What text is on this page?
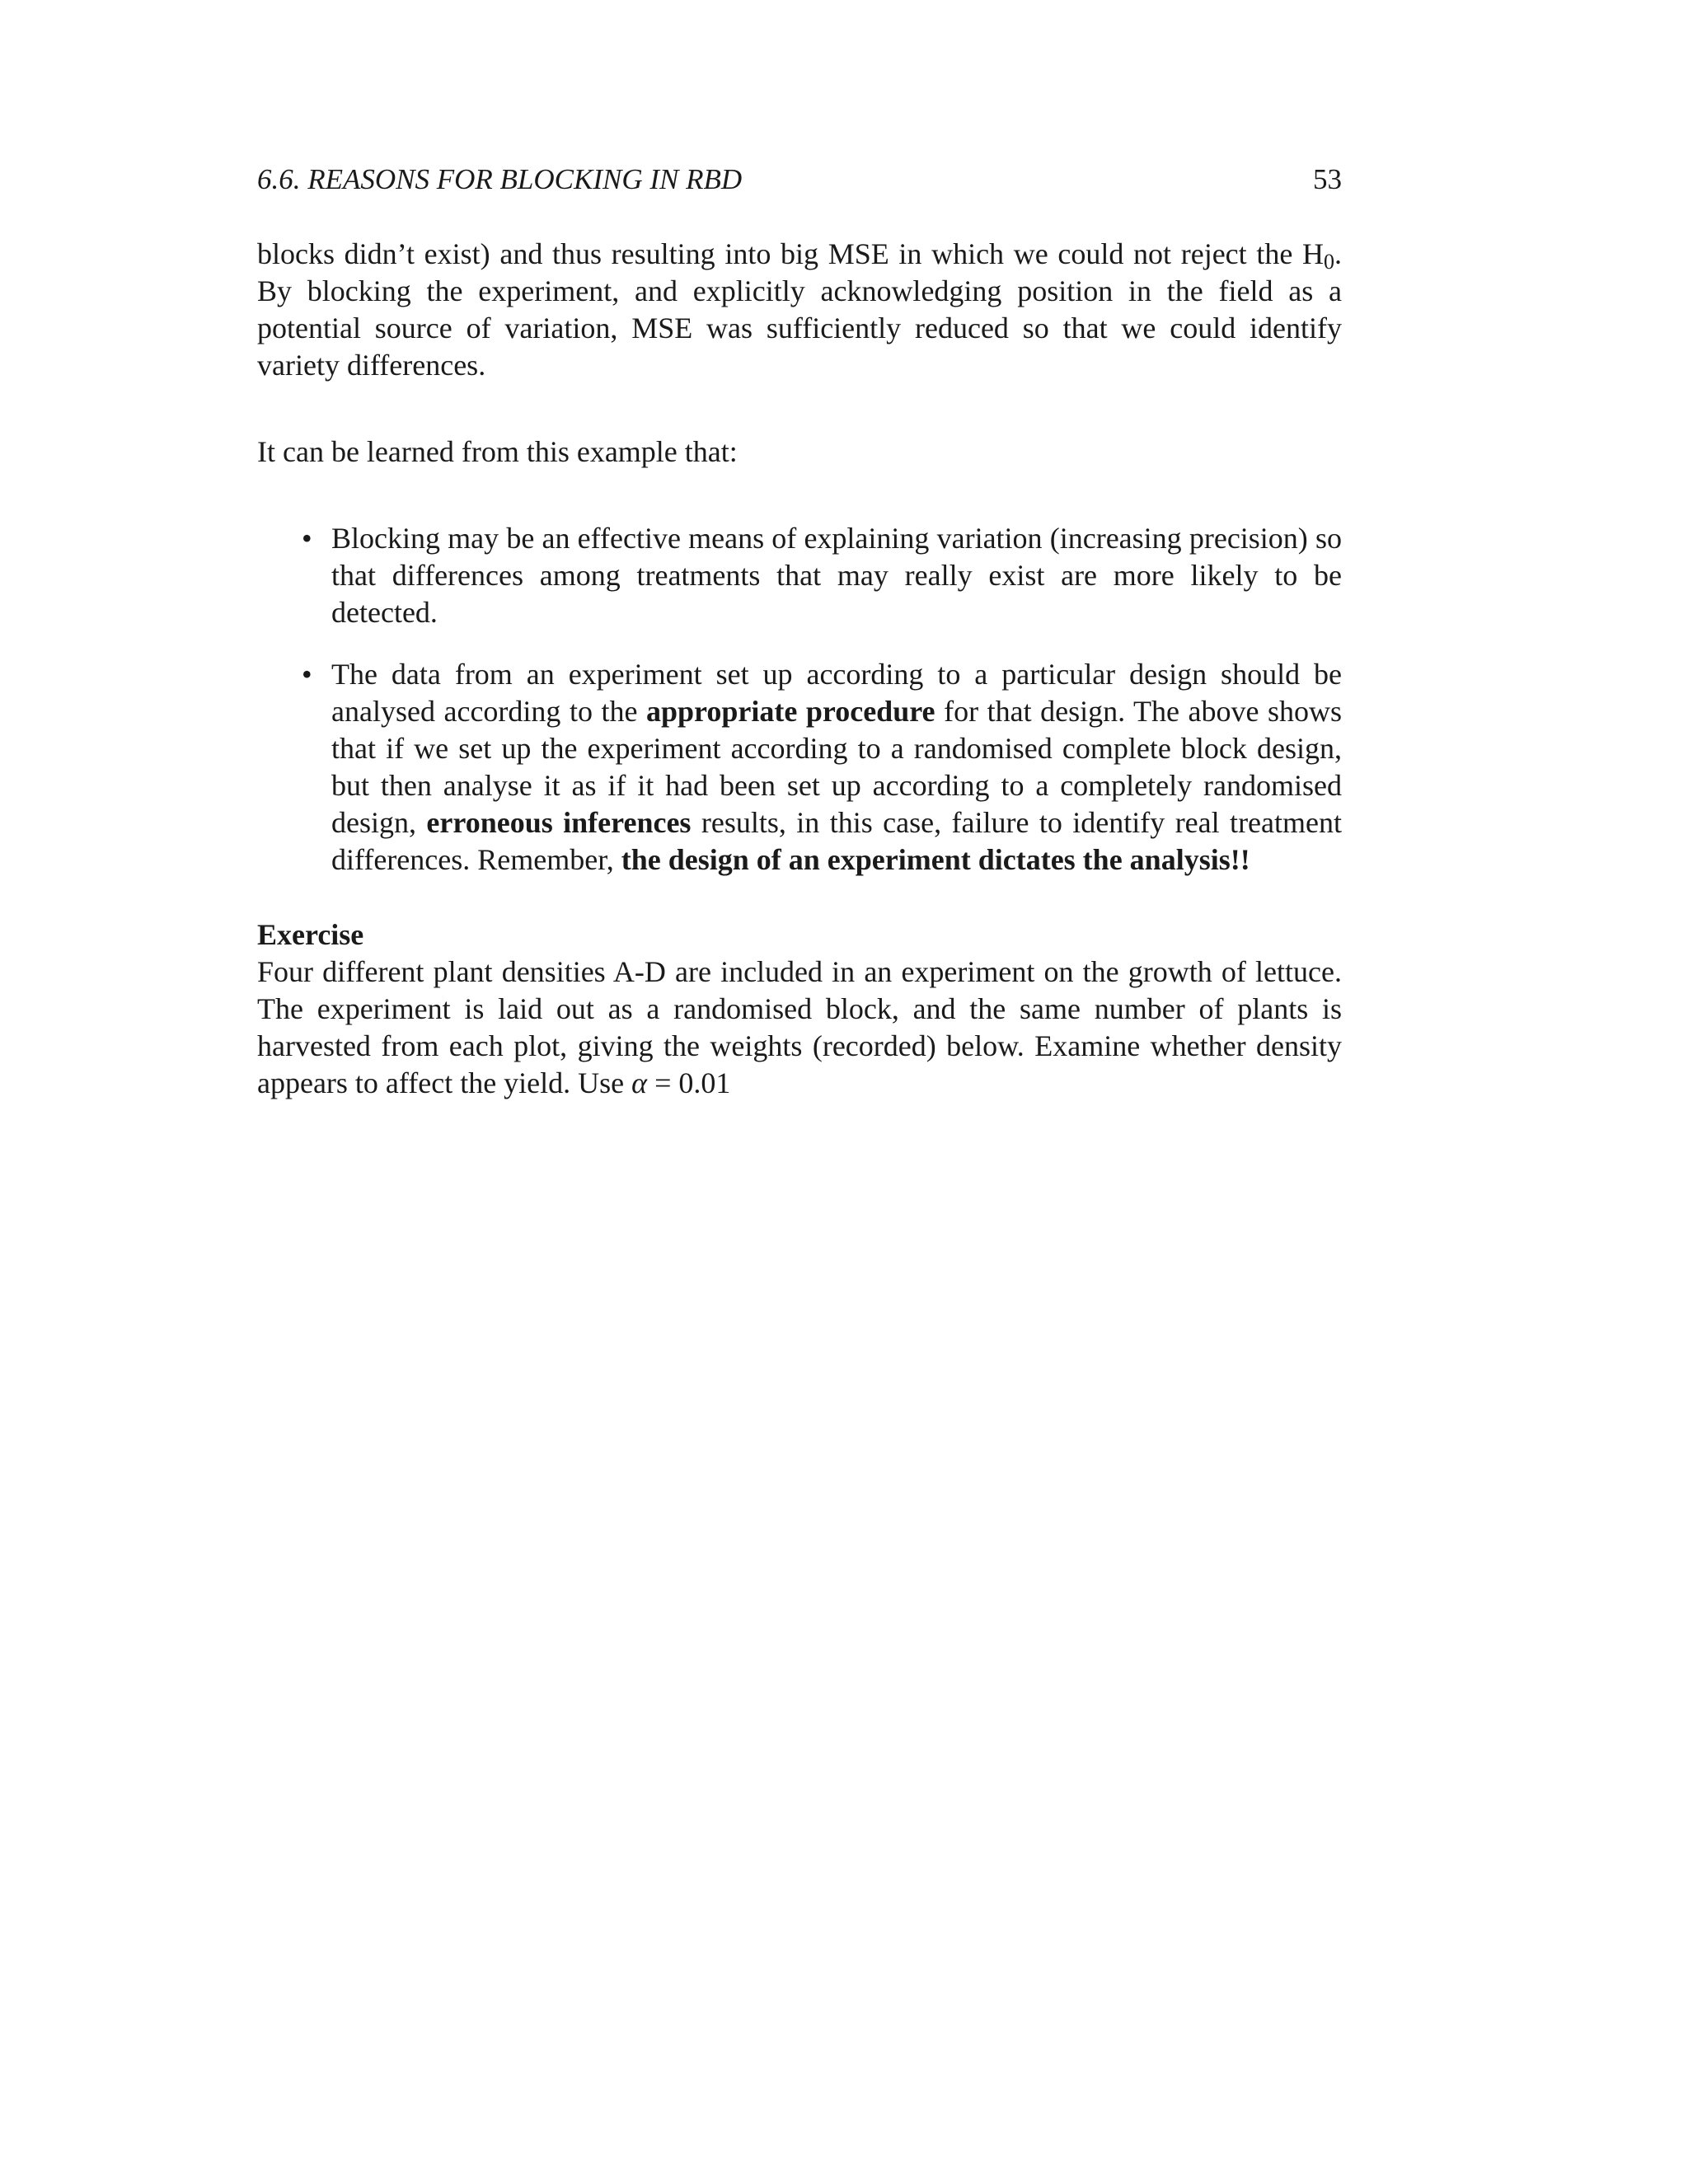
6.6. REASONS FOR BLOCKING IN RBD	53

blocks didn’t exist) and thus resulting into big MSE in which we could not reject the $H_0$. By blocking the experiment, and explicitly acknowledging position in the field as a potential source of variation, MSE was sufficiently reduced so that we could identify variety differences.

It can be learned from this example that:

• Blocking may be an effective means of explaining variation (increasing precision) so that differences among treatments that may really exist are more likely to be detected.
• The data from an experiment set up according to a particular design should be analysed according to the appropriate procedure for that design. The above shows that if we set up the experiment according to a randomised complete block design, but then analyse it as if it had been set up according to a completely randomised design, erroneous inferences results, in this case, failure to identify real treatment differences. Remember, the design of an experiment dictates the analysis!!
Exercise

Four different plant densities A-D are included in an experiment on the growth of lettuce. The experiment is laid out as a randomised block, and the same number of plants is harvested from each plot, giving the weights (recorded) below. Examine whether density appears to affect the yield. Use α = 0.01
